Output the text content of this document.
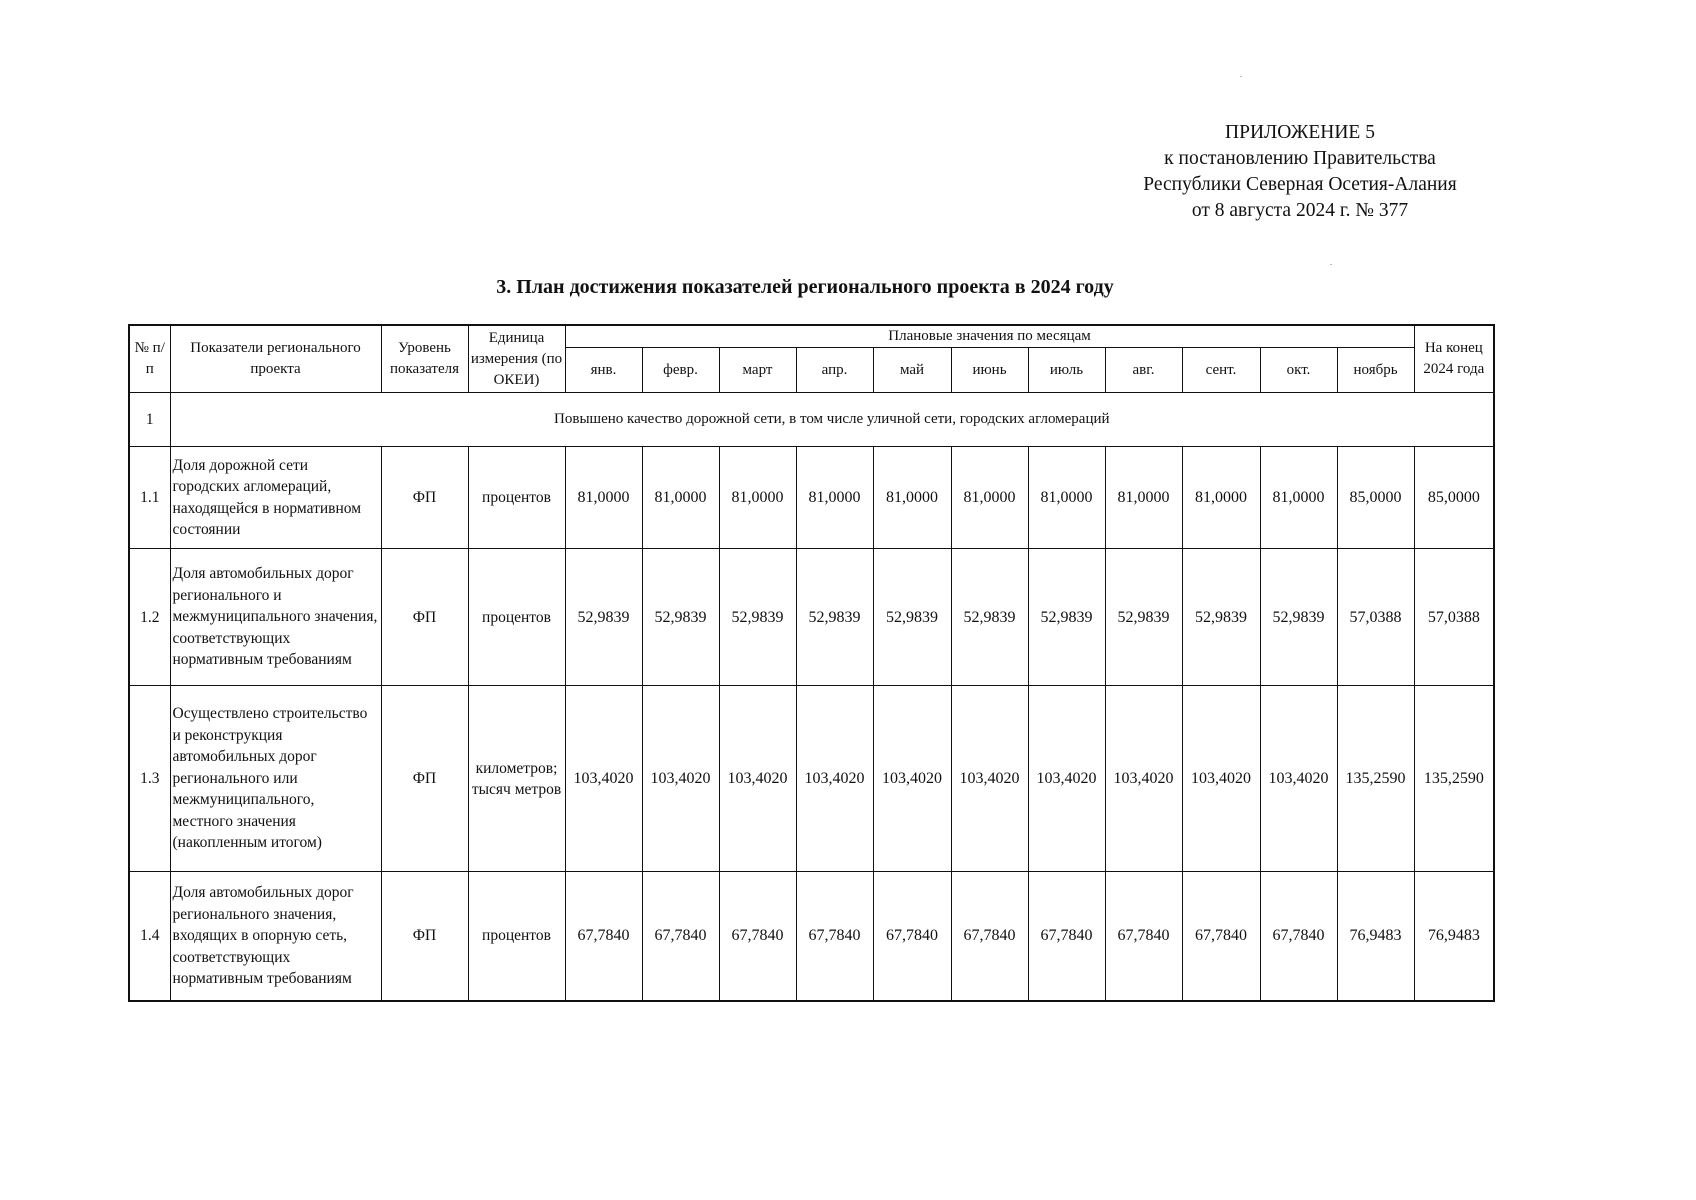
ПРИЛОЖЕНИЕ 5
к постановлению Правительства
Республики Северная Осетия-Алания
от 8 августа 2024 г. № 377
3. План достижения показателей регионального проекта в 2024 году
№ п/п	Показатели регионального проекта	Уровень показателя	Единица измерения (по ОКЕИ)	Плановые значения по месяцам											На конец 2024 года
				янв.	февр.	март	апр.	май	июнь	июль	авг.	сент.	окт.	ноябрь	
1	Повышено качество дорожной сети, в том числе уличной сети, городских агломераций														
1.1	Доля дорожной сети городских агломераций, находящейся в нормативном состоянии	ФП	процентов	81,0000	81,0000	81,0000	81,0000	81,0000	81,0000	81,0000	81,0000	81,0000	81,0000	85,0000	85,0000
1.2	Доля автомобильных дорог регионального и межмуниципального значения, соответствующих нормативным требованиям	ФП	процентов	52,9839	52,9839	52,9839	52,9839	52,9839	52,9839	52,9839	52,9839	52,9839	52,9839	57,0388	57,0388
1.3	Осуществлено строительство и реконструкция автомобильных дорог регионального или межмуниципального, местного значения (накопленным итогом)	ФП	километров; тысяч метров	103,4020	103,4020	103,4020	103,4020	103,4020	103,4020	103,4020	103,4020	103,4020	103,4020	135,2590	135,2590
1.4	Доля автомобильных дорог регионального значения, входящих в опорную сеть, соответствующих нормативным требованиям	ФП	процентов	67,7840	67,7840	67,7840	67,7840	67,7840	67,7840	67,7840	67,7840	67,7840	67,7840	76,9483	76,9483
